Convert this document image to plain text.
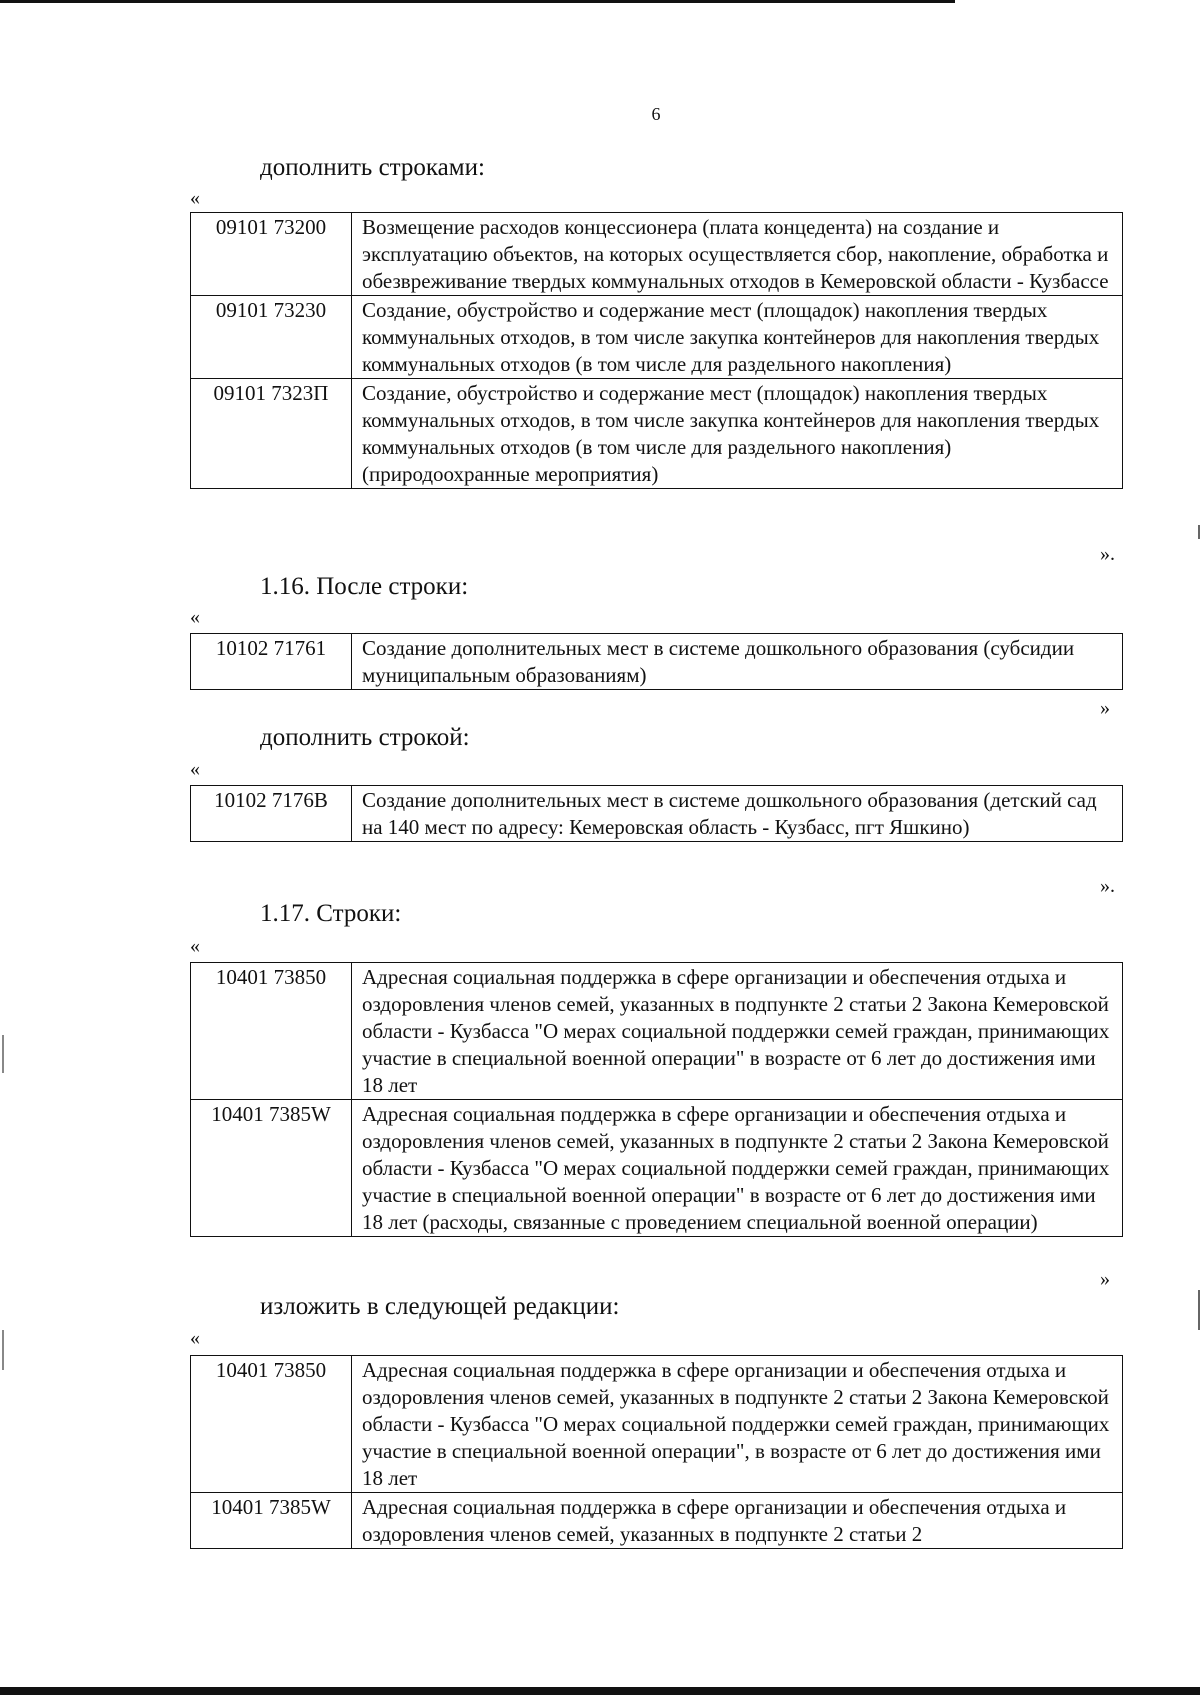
6
дополнить строками:
«
09101 73200	Возмещение расходов концессионера (плата концедента) на создание и эксплуатацию объектов, на которых осуществляется сбор, накопление, обработка и обезвреживание твердых коммунальных отходов в Кемеровской области - Кузбассе
09101 73230	Создание, обустройство и содержание мест (площадок) накопления твердых коммунальных отходов, в том числе закупка контейнеров для накопления твердых коммунальных отходов (в том числе для раздельного накопления)
09101 7323П	Создание, обустройство и содержание мест (площадок) накопления твердых коммунальных отходов, в том числе закупка контейнеров для накопления твердых коммунальных отходов (в том числе для раздельного накопления) (природоохранные мероприятия)
».
1.16. После строки:
«
10102 71761	Создание дополнительных мест в системе дошкольного образования (субсидии муниципальным образованиям)
»
дополнить строкой:
«
10102 7176В	Создание дополнительных мест в системе дошкольного образования (детский сад на 140 мест по адресу: Кемеровская область - Кузбасс, пгт Яшкино)
».
1.17. Строки:
«
10401 73850	Адресная социальная поддержка в сфере организации и обеспечения отдыха и оздоровления членов семей, указанных в подпункте 2 статьи 2 Закона Кемеровской области - Кузбасса "О мерах социальной поддержки семей граждан, принимающих участие в специальной военной операции" в возрасте от 6 лет до достижения ими 18 лет
10401 7385W	Адресная социальная поддержка в сфере организации и обеспечения отдыха и оздоровления членов семей, указанных в подпункте 2 статьи 2 Закона Кемеровской области - Кузбасса "О мерах социальной поддержки семей граждан, принимающих участие в специальной военной операции" в возрасте от 6 лет до достижения ими 18 лет (расходы, связанные с проведением специальной военной операции)
»
изложить в следующей редакции:
«
10401 73850	Адресная социальная поддержка в сфере организации и обеспечения отдыха и оздоровления членов семей, указанных в подпункте 2 статьи 2 Закона Кемеровской области - Кузбасса "О мерах социальной поддержки семей граждан, принимающих участие в специальной военной операции", в возрасте от 6 лет до достижения ими 18 лет
10401 7385W	Адресная социальная поддержка в сфере организации и обеспечения отдыха и оздоровления членов семей, указанных в подпункте 2 статьи 2
